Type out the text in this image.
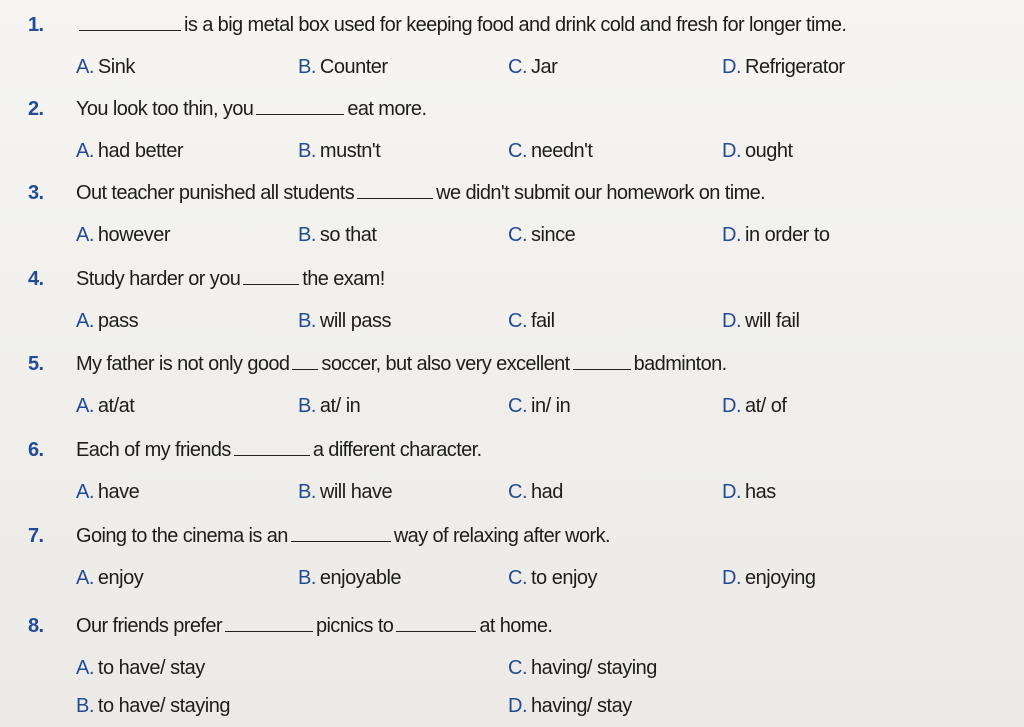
1.	is a big metal box used for keeping food and drink cold and fresh for longer time.
A. Sink	B. Counter	C. Jar	D. Refrigerator
2.	You look too thin, you	eat more.
A. had better	B. mustn't	C. needn't	D. ought
3.	Out teacher punished all students	we didn't submit our homework on time.
A. however	B. so that	C. since	D. in order to
4.	Study harder or you	the exam!
A. pass	B. will pass	C. fail	D. will fail
5.	My father is not only good soccer, but also very excellent	badminton.
A. at/at	B. at/ in	C. in/ in	D. at/ of
6.	Each of my friends	a different character.
A. have	B. will have	C. had	D. has
7.	Going to the cinema is an	way of relaxing after work.
A. enjoy	B. enjoyable	C. to enjoy	D. enjoying
8.	Our friends prefer	picnics to	at home.
A. to have/ stay	C. having/ staying
B. to have/ staying	D. having/ stay
